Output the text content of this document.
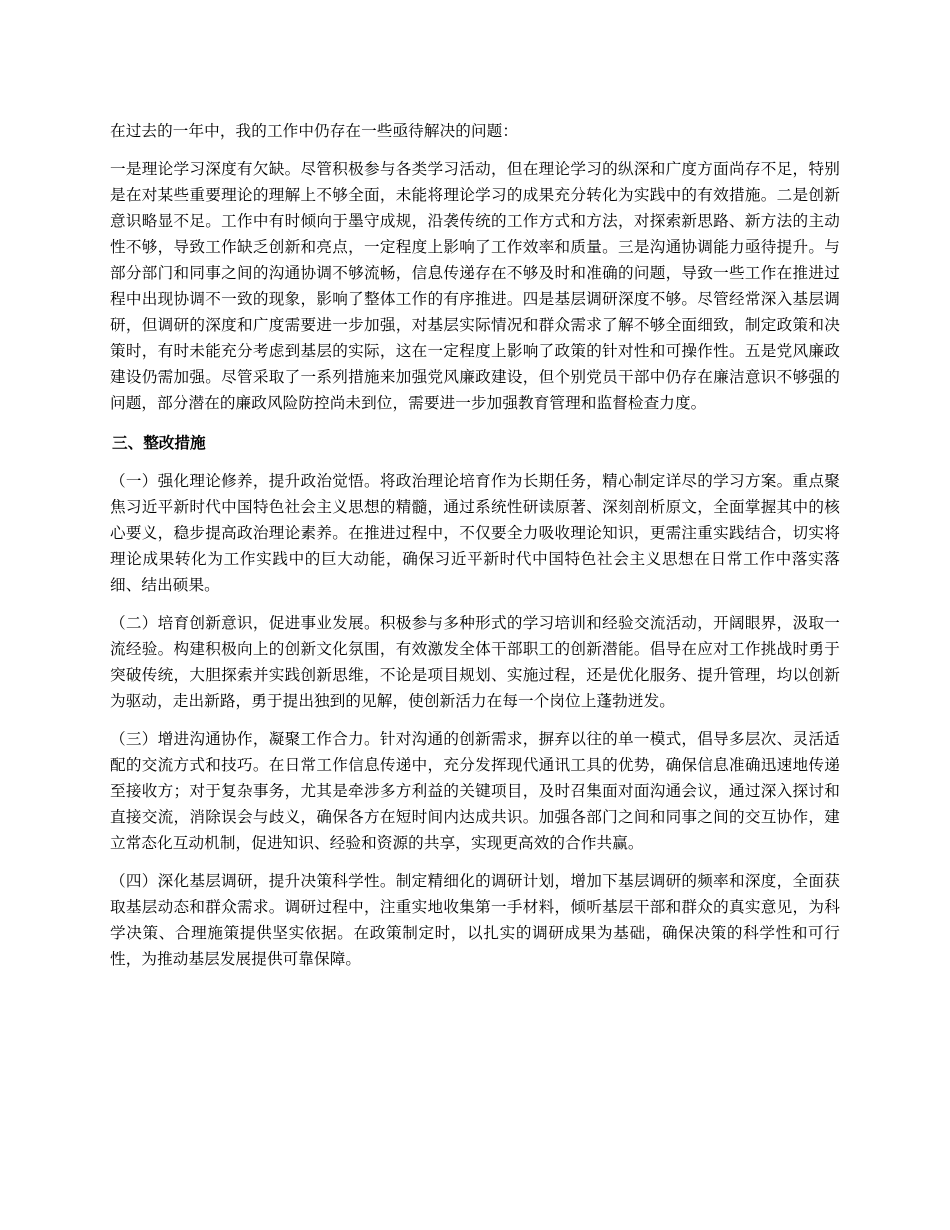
在过去的一年中，我的工作中仍存在一些亟待解决的问题：

一是理论学习深度有欠缺。尽管积极参与各类学习活动，但在理论学习的纵深和广度方面尚存不足，特别是在对某些重要理论的理解上不够全面，未能将理论学习的成果充分转化为实践中的有效措施。二是创新意识略显不足。工作中有时倾向于墨守成规，沿袭传统的工作方式和方法，对探索新思路、新方法的主动性不够，导致工作缺乏创新和亮点，一定程度上影响了工作效率和质量。三是沟通协调能力亟待提升。与部分部门和同事之间的沟通协调不够流畅，信息传递存在不够及时和准确的问题，导致一些工作在推进过程中出现协调不一致的现象，影响了整体工作的有序推进。四是基层调研深度不够。尽管经常深入基层调研，但调研的深度和广度需要进一步加强，对基层实际情况和群众需求了解不够全面细致，制定政策和决策时，有时未能充分考虑到基层的实际，这在一定程度上影响了政策的针对性和可操作性。五是党风廉政建设仍需加强。尽管采取了一系列措施来加强党风廉政建设，但个别党员干部中仍存在廉洁意识不够强的问题，部分潜在的廉政风险防控尚未到位，需要进一步加强教育管理和监督检查力度。

三、整改措施

（一）强化理论修养，提升政治觉悟。将政治理论培育作为长期任务，精心制定详尽的学习方案。重点聚焦习近平新时代中国特色社会主义思想的精髓，通过系统性研读原著、深刻剖析原文，全面掌握其中的核心要义，稳步提高政治理论素养。在推进过程中，不仅要全力吸收理论知识，更需注重实践结合，切实将理论成果转化为工作实践中的巨大动能，确保习近平新时代中国特色社会主义思想在日常工作中落实落细、结出硕果。

（二）培育创新意识，促进事业发展。积极参与多种形式的学习培训和经验交流活动，开阔眼界，汲取一流经验。构建积极向上的创新文化氛围，有效激发全体干部职工的创新潜能。倡导在应对工作挑战时勇于突破传统，大胆探索并实践创新思维，不论是项目规划、实施过程，还是优化服务、提升管理，均以创新为驱动，走出新路，勇于提出独到的见解，使创新活力在每一个岗位上蓬勃迸发。

（三）增进沟通协作，凝聚工作合力。针对沟通的创新需求，摒弃以往的单一模式，倡导多层次、灵活适配的交流方式和技巧。在日常工作信息传递中，充分发挥现代通讯工具的优势，确保信息准确迅速地传递至接收方；对于复杂事务，尤其是牵涉多方利益的关键项目，及时召集面对面沟通会议，通过深入探讨和直接交流，消除误会与歧义，确保各方在短时间内达成共识。加强各部门之间和同事之间的交互协作，建立常态化互动机制，促进知识、经验和资源的共享，实现更高效的合作共赢。

（四）深化基层调研，提升决策科学性。制定精细化的调研计划，增加下基层调研的频率和深度，全面获取基层动态和群众需求。调研过程中，注重实地收集第一手材料，倾听基层干部和群众的真实意见，为科学决策、合理施策提供坚实依据。在政策制定时，以扎实的调研成果为基础，确保决策的科学性和可行性，为推动基层发展提供可靠保障。
